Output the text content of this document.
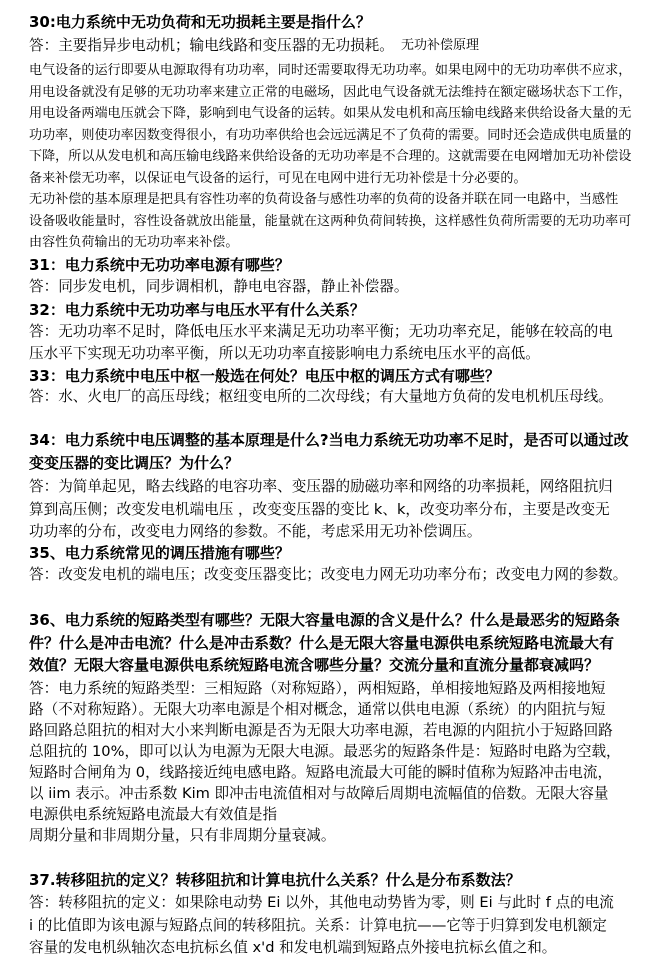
30:电力系统中无功负荷和无功损耗主要是指什么？
答：主要指异步电动机；输电线路和变压器的无功损耗。
电气设备的运行即要从电源取得有功功率，同时还需要取得无功功率。如果电网中的无功功率供不应求，
用电设备就没有足够的无功功率来建立正常的电磁场，因此电气设备就无法维持在额定磁场状态下工作，
用电设备两端电压就会下降，影响到电气设备的运转。如果从发电机和高压输电线路来供给设备大量的无
功功率，则使功率因数变得很小，有功功率供给也会远远满足不了负荷的需要。同时还会造成供电质量的
下降，所以从发电机和高压输电线路来供给设备的无功功率是不合理的。这就需要在电网增加无功补偿设
备来补偿无功率，以保证电气设备的运行，可见在电网中进行无功补偿是十分必要的。
无功补偿的基本原理是把具有容性功率的负荷设备与感性功率的负荷的设备并联在同一电路中，当感性
设备吸收能量时，容性设备就放出能量，能量就在这两种负荷间转换，这样感性负荷所需要的无功功率可
由容性负荷输出的无功功率来补偿。
31：电力系统中无功功率电源有哪些？
答：同步发电机，同步调相机，静电电容器，静止补偿器。
32：电力系统中无功功率与电压水平有什么关系？
答：无功功率不足时，降低电压水平来满足无功功率平衡；无功功率充足，能够在较高的电
压水平下实现无功功率平衡，所以无功功率直接影响电力系统电压水平的高低。
33：电力系统中电压中枢一般选在何处？电压中枢的调压方式有哪些？
答：水、火电厂的高压母线；枢纽变电所的二次母线；有大量地方负荷的发电机机压母线。
34：电力系统中电压调整的基本原理是什么?当电力系统无功功率不足时，是否可以通过改
变变压器的变比调压？为什么？
答：为简单起见，略去线路的电容功率、变压器的励磁功率和网络的功率损耗，网络阻抗归
算到高压侧；改变发电机端电压 ，改变变压器的变比 k、k，改变功率分布，主要是改变无
功功率的分布，改变电力网络的参数。不能，考虑采用无功补偿调压。
35、电力系统常见的调压措施有哪些？
答：改变发电机的端电压；改变变压器变比；改变电力网无功功率分布；改变电力网的参数。
36、电力系统的短路类型有哪些？无限大容量电源的含义是什么？什么是最恶劣的短路条
件？什么是冲击电流？什么是冲击系数？什么是无限大容量电源供电系统短路电流最大有
效值？无限大容量电源供电系统短路电流含哪些分量？交流分量和直流分量都衰减吗？
答：电力系统的短路类型：三相短路（对称短路），两相短路，单相接地短路及两相接地短
路（不对称短路）。无限大功率电源是个相对概念，通常以供电电源（系统）的内阻抗与短
路回路总阻抗的相对大小来判断电源是否为无限大功率电源，若电源的内阻抗小于短路回路
总阻抗的 10%，即可以认为电源为无限大电源。最恶劣的短路条件是：短路时电路为空载，
短路时合闸角为 0，线路接近纯电感电路。短路电流最大可能的瞬时值称为短路冲击电流，
以 iim 表示。冲击系数 Kim 即冲击电流值相对与故障后周期电流幅值的倍数。无限大容量
电源供电系统短路电流最大有效值是指
周期分量和非周期分量，只有非周期分量衰减。
37.转移阻抗的定义？转移阻抗和计算电抗什么关系？什么是分布系数法？
答：转移阻抗的定义：如果除电动势 Ei 以外，其他电动势皆为零，则 Ei 与此时 f 点的电流
i 的比值即为该电源与短路点间的转移阻抗。关系：计算电抗——它等于归算到发电机额定
容量的发电机纵轴次态电抗标幺值 x'd 和发电机端到短路点外接电抗标幺值之和。
无功补偿原理
